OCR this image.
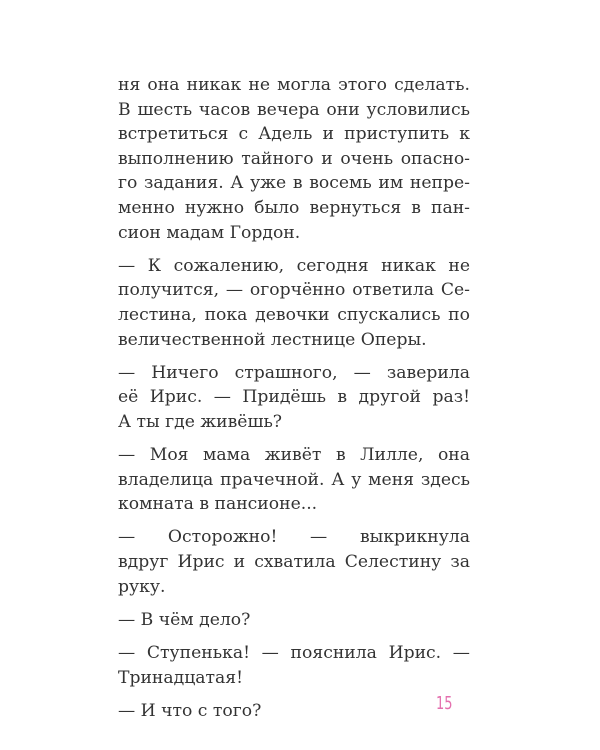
ня она никак не могла этого сделать.
В шесть часов вечера они условились
встретиться с Адель и приступить к
выполнению тайного и очень опасно-
го задания. А уже в восемь им непре-
менно нужно было вернуться в пан-
сион мадам Гордон.

— К сожалению, сегодня никак не
получится, — огорчённо ответила Се-
лестина, пока девочки спускались по
величественной лестнице Оперы.

— Ничего страшного, — заверила
её Ирис. — Придёшь в другой раз!
А ты где живёшь?

— Моя мама живёт в Лилле, она
владелица прачечной. А у меня здесь
комната в пансионе...

— Осторожно! — выкрикнула
вдруг Ирис и схватила Селестину за
руку.

— В чём дело?

— Ступенька! — пояснила Ирис. —
Тринадцатая!

— И что с того?	15
